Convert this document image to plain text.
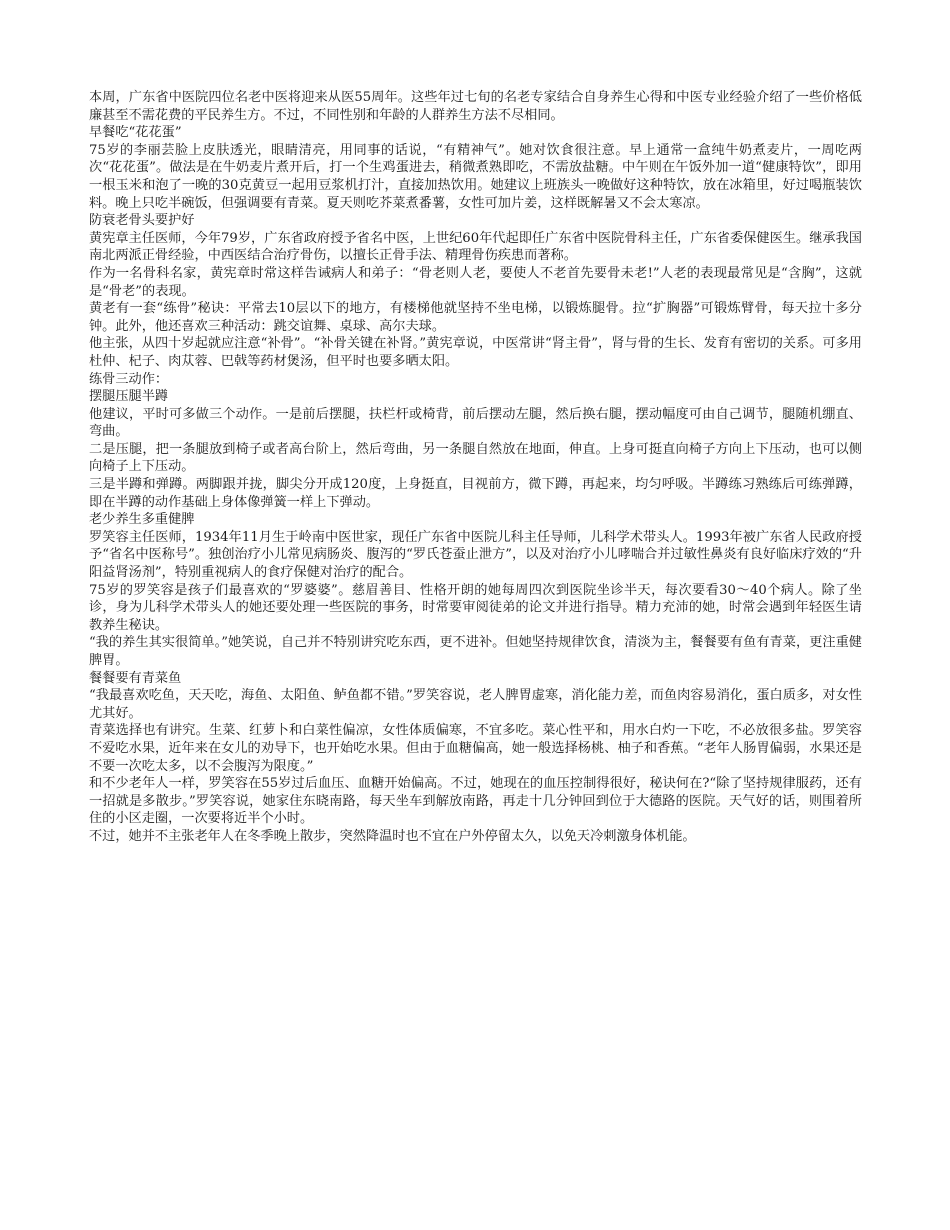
本周，广东省中医院四位名老中医将迎来从医55周年。这些年过七旬的名老专家结合自身养生心得和中医专业经验介绍了一些价格低廉甚至不需花费的平民养生方。不过，不同性别和年龄的人群养生方法不尽相同。

早餐吃“花花蛋”

75岁的李丽芸脸上皮肤透光，眼睛清亮，用同事的话说，“有精神气”。她对饮食很注意。早上通常一盒纯牛奶煮麦片，一周吃两次“花花蛋”。做法是在牛奶麦片煮开后，打一个生鸡蛋进去，稍微煮熟即吃，不需放盐糖。中午则在午饭外加一道“健康特饮”，即用一根玉米和泡了一晚的30克黄豆一起用豆浆机打汁，直接加热饮用。她建议上班族头一晚做好这种特饮，放在冰箱里，好过喝瓶装饮料。晚上只吃半碗饭，但强调要有青菜。夏天则吃芥菜煮番薯，女性可加片姜，这样既解暑又不会太寒凉。

防衰老骨头要护好

黄宪章主任医师，今年79岁，广东省政府授予省名中医，上世纪60年代起即任广东省中医院骨科主任，广东省委保健医生。继承我国南北两派正骨经验，中西医结合治疗骨伤，以擅长正骨手法、精理骨伤疾患而著称。

作为一名骨科名家，黄宪章时常这样告诫病人和弟子：“骨老则人老，要使人不老首先要骨未老!”人老的表现最常见是“含胸”，这就是“骨老”的表现。

黄老有一套“练骨”秘诀：平常去10层以下的地方，有楼梯他就坚持不坐电梯，以锻炼腿骨。拉“扩胸器”可锻炼臂骨，每天拉十多分钟。此外，他还喜欢三种活动：跳交谊舞、桌球、高尔夫球。

他主张，从四十岁起就应注意“补骨”。“补骨关键在补肾。”黄宪章说，中医常讲“肾主骨”，肾与骨的生长、发育有密切的关系。可多用杜仲、杞子、肉苁蓉、巴戟等药材煲汤，但平时也要多晒太阳。

练骨三动作：

摆腿压腿半蹲

他建议，平时可多做三个动作。一是前后摆腿，扶栏杆或椅背，前后摆动左腿，然后换右腿，摆动幅度可由自己调节，腿随机绷直、弯曲。

二是压腿，把一条腿放到椅子或者高台阶上，然后弯曲，另一条腿自然放在地面，伸直。上身可挺直向椅子方向上下压动，也可以侧向椅子上下压动。

三是半蹲和弹蹲。两脚跟并拢，脚尖分开成120度，上身挺直，目视前方，微下蹲，再起来，均匀呼吸。半蹲练习熟练后可练弹蹲，即在半蹲的动作基础上身体像弹簧一样上下弹动。

老少养生多重健脾

罗笑容主任医师，1934年11月生于岭南中医世家，现任广东省中医院儿科主任导师，儿科学术带头人。1993年被广东省人民政府授予“省名中医称号”。独创治疗小儿常见病肠炎、腹泻的“罗氏苍蚕止泄方”，以及对治疗小儿哮喘合并过敏性鼻炎有良好临床疗效的“升阳益肾汤剂”，特别重视病人的食疗保健对治疗的配合。

75岁的罗笑容是孩子们最喜欢的“罗婆婆”。慈眉善目、性格开朗的她每周四次到医院坐诊半天，每次要看30～40个病人。除了坐诊，身为儿科学术带头人的她还要处理一些医院的事务，时常要审阅徒弟的论文并进行指导。精力充沛的她，时常会遇到年轻医生请教养生秘诀。

“我的养生其实很简单。”她笑说，自己并不特别讲究吃东西，更不进补。但她坚持规律饮食，清淡为主，餐餐要有鱼有青菜，更注重健脾胃。

餐餐要有青菜鱼

“我最喜欢吃鱼，天天吃，海鱼、太阳鱼、鲈鱼都不错。”罗笑容说，老人脾胃虚寒，消化能力差，而鱼肉容易消化，蛋白质多，对女性尤其好。

青菜选择也有讲究。生菜、红萝卜和白菜性偏凉，女性体质偏寒，不宜多吃。菜心性平和，用水白灼一下吃，不必放很多盐。罗笑容不爱吃水果，近年来在女儿的劝导下，也开始吃水果。但由于血糖偏高，她一般选择杨桃、柚子和香蕉。“老年人肠胃偏弱，水果还是不要一次吃太多，以不会腹泻为限度。”

和不少老年人一样，罗笑容在55岁过后血压、血糖开始偏高。不过，她现在的血压控制得很好，秘诀何在?“除了坚持规律服药，还有一招就是多散步。”罗笑容说，她家住东晓南路，每天坐车到解放南路，再走十几分钟回到位于大德路的医院。天气好的话，则围着所住的小区走圈，一次要将近半个小时。

不过，她并不主张老年人在冬季晚上散步，突然降温时也不宜在户外停留太久，以免天冷刺激身体机能。
